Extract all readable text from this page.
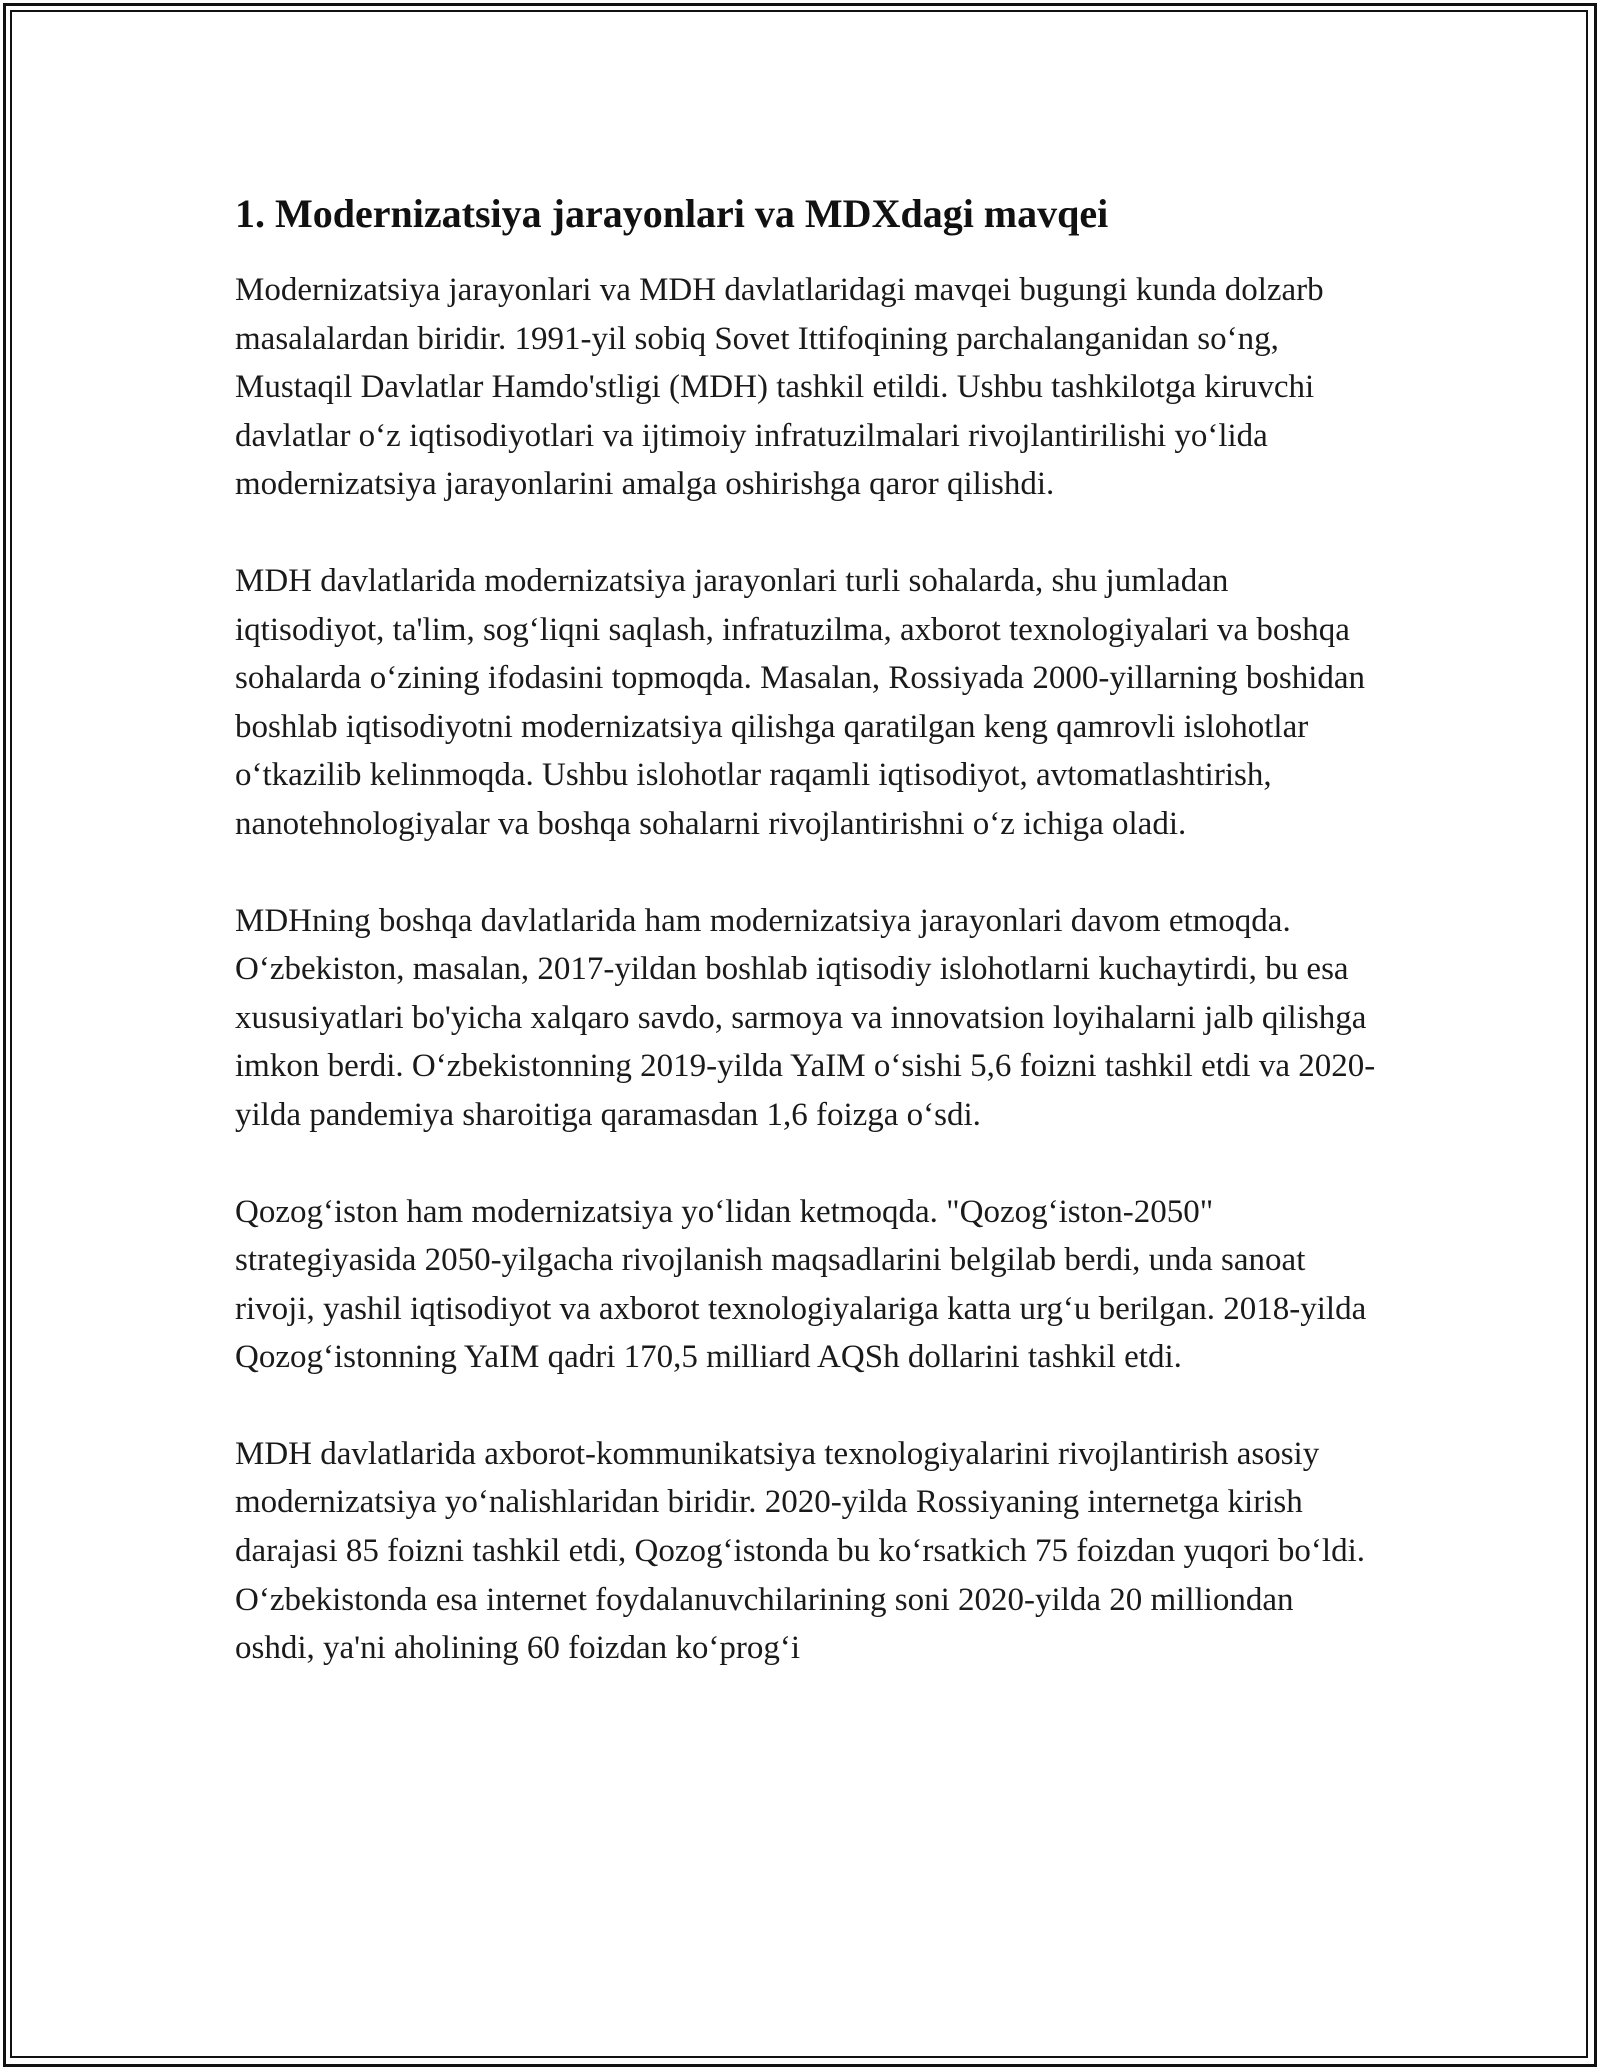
1. Modernizatsiya jarayonlari va MDXdagi mavqei

Modernizatsiya jarayonlari va MDH davlatlaridagi mavqei bugungi kunda dolzarb masalalardan biridir. 1991-yil sobiq Sovet Ittifoqining parchalanganidan so‘ng, Mustaqil Davlatlar Hamdo'stligi (MDH) tashkil etildi. Ushbu tashkilotga kiruvchi davlatlar o‘z iqtisodiyotlari va ijtimoiy infratuzilmalari rivojlantirilishi yo‘lida modernizatsiya jarayonlarini amalga oshirishga qaror qilishdi.

MDH davlatlarida modernizatsiya jarayonlari turli sohalarda, shu jumladan iqtisodiyot, ta'lim, sog‘liqni saqlash, infratuzilma, axborot texnologiyalari va boshqa sohalarda o‘zining ifodasini topmoqda. Masalan, Rossiyada 2000-yillarning boshidan boshlab iqtisodiyotni modernizatsiya qilishga qaratilgan keng qamrovli islohotlar o‘tkazilib kelinmoqda. Ushbu islohotlar raqamli iqtisodiyot, avtomatlashtirish, nanotehnologiyalar va boshqa sohalarni rivojlantirishni o‘z ichiga oladi.

MDHning boshqa davlatlarida ham modernizatsiya jarayonlari davom etmoqda. O‘zbekiston, masalan, 2017-yildan boshlab iqtisodiy islohotlarni kuchaytirdi, bu esa xususiyatlari bo'yicha xalqaro savdo, sarmoya va innovatsion loyihalarni jalb qilishga imkon berdi. O‘zbekistonning 2019-yilda YaIM o‘sishi 5,6 foizni tashkil etdi va 2020-yilda pandemiya sharoitiga qaramasdan 1,6 foizga o‘sdi.

Qozog‘iston ham modernizatsiya yo‘lidan ketmoqda. "Qozog‘iston-2050" strategiyasida 2050-yilgacha rivojlanish maqsadlarini belgilab berdi, unda sanoat rivoji, yashil iqtisodiyot va axborot texnologiyalariga katta urg‘u berilgan. 2018-yilda Qozog‘istonning YaIM qadri 170,5 milliard AQSh dollarini tashkil etdi.

MDH davlatlarida axborot-kommunikatsiya texnologiyalarini rivojlantirish asosiy modernizatsiya yo‘nalishlaridan biridir. 2020-yilda Rossiyaning internetga kirish darajasi 85 foizni tashkil etdi, Qozog‘istonda bu ko‘rsatkich 75 foizdan yuqori bo‘ldi. O‘zbekistonda esa internet foydalanuvchilarining soni 2020-yilda 20 milliondan oshdi, ya'ni aholining 60 foizdan ko‘prog‘i
